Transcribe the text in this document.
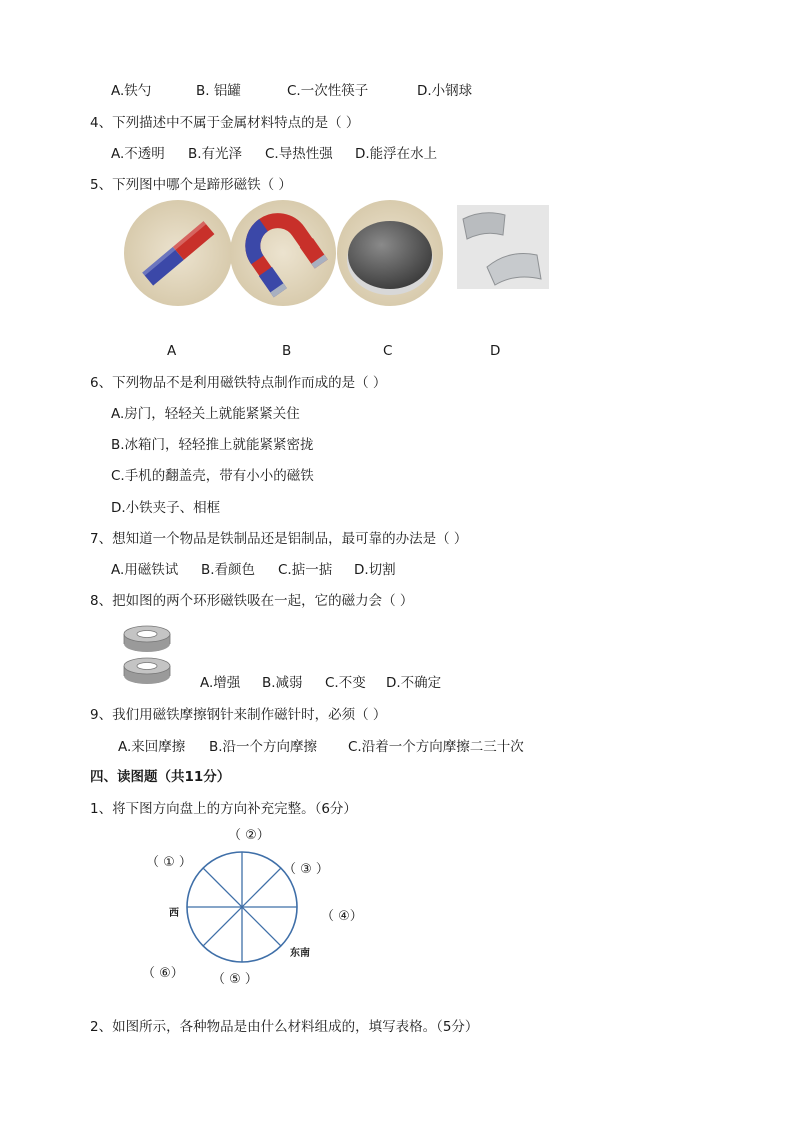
A.铁勺	B. 铝罐	C.一次性筷子	D.小钢球
4、下列描述中不属于金属材料特点的是（ ）
A.不透明 B.有光泽 C.导热性强 D.能浮在水上
5、下列图中哪个是蹄形磁铁（ ）
A	B	C	D
6、下列物品不是利用磁铁特点制作而成的是（ ）
A.房门，轻轻关上就能紧紧关住
B.冰箱门，轻轻推上就能紧紧密拢
C.手机的翻盖壳，带有小小的磁铁
D.小铁夹子、相框
7、想知道一个物品是铁制品还是铝制品，最可靠的办法是（ ）
A.用磁铁试 B.看颜色 C.掂一掂 D.切割
8、把如图的两个环形磁铁吸在一起，它的磁力会（ ）
A.增强 B.减弱 C.不变 D.不确定
9、我们用磁铁摩擦钢针来制作磁针时，必须（ ）
A.来回摩擦 B.沿一个方向摩擦 C.沿着一个方向摩擦二三十次
四、读图题（共11分）
1、将下图方向盘上的方向补充完整。（6分）
（ ②）
（ ① ）	（ ③ ）
（ ④）
（ ⑤ ）
（ ⑥）
西
东南
2、如图所示，各种物品是由什么材料组成的，填写表格。（5分）
